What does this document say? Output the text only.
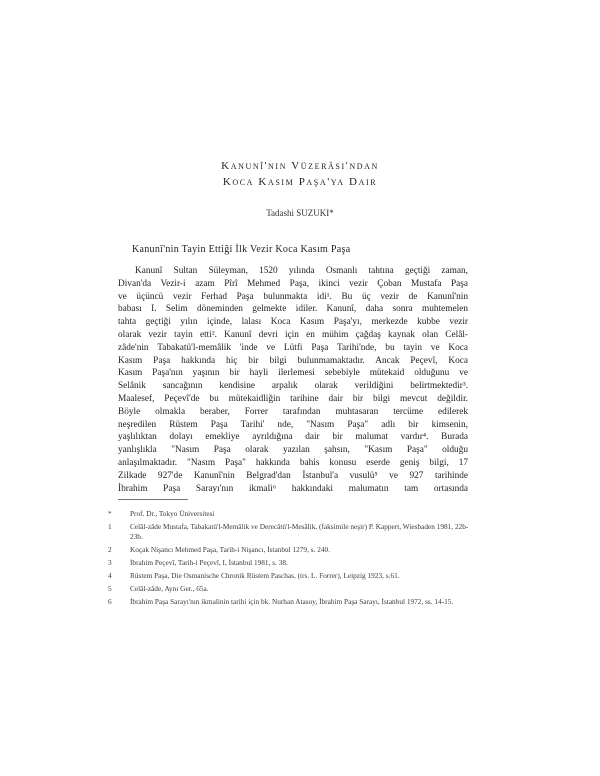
Kanunî'nin Vüzerâsı'ndan
Koca Kasım Paşa'ya Dair
Tadashi SUZUKI*
Kanunî'nin Tayin Ettiği İlk Vezir Koca Kasım Paşa
Kanunî Sultan Süleyman, 1520 yılında Osmanlı tahtına geçtiği zaman,
Divan'da Vezir-i azam Pîrî Mehmed Paşa, ikinci vezir Çoban Mustafa Paşa
ve üçüncü vezir Ferhad Paşa bulunmakta idi¹. Bu üç vezir de Kanunî'nin
babası I. Selim döneminden gelmekte idiler. Kanunî, daha sonra muhtemelen
tahta geçtiği yılın içinde, lalası Koca Kasım Paşa'yı, merkezde kubbe vezir
olarak vezir tayin etti². Kanunî devri için en mühim çağdaş kaynak olan Celâl-
zâde'nin Tabakatü'l-memâlik 'inde ve Lütfi Paşa Tarihi'nde, bu tayin ve Koca
Kasım Paşa hakkında hiç bir bilgi bulunmamaktadır. Ancak Peçevî, Koca
Kasım Paşa'nın yaşının bir hayli ilerlemesi sebebiyle mütekaid olduğunu ve
Selânik sancağının kendisine arpalık olarak verildiğini belirtmektedir³.
Maalesef, Peçevî'de bu mütekaidliğin tarihine dair bir bilgi mevcut değildir.
Böyle olmakla beraber, Forrer tarafından muhtasaran tercüme edilerek
neşredilen Rüstem Paşa Tarihi' nde, "Nasım Paşa" adlı bir kimsenin,
yaşlılıktan dolayı emekliye ayrıldığına dair bir malumat vardır⁴. Burada
yanlışlıkla "Nasım Paşa olarak yazılan şahsın, "Kasım Paşa" olduğu
anlaşılmaktadır. "Nasım Paşa" hakkında bahis konusu eserde geniş bilgi, 17
Zilkade 927'de Kanunî'nin Belgrad'dan İstanbul'a vusulü⁵ ve 927 tarihinde
İbrahim Paşa Sarayı'nın ikmali⁶ hakkındaki malumatın tam ortasında
*	Prof. Dr., Tokyo Üniversitesi
1	Celâl-zâde Mustafa, Tabakatü'l-Memâlik ve Derecâtü'l-Mesâlik, (faksimile neşir) P. Kappert, Wiesbaden 1981, 22b-23b.
2	Koçak Nişancı Mehmed Paşa, Tarih-i Nişancı, İstanbul 1279, s. 240.
3	İbrahim Peçevî, Tarih-i Peçevî, I, İstanbul 1981, s. 38.
4	Rüstem Paşa, Die Osmanische Chronik Rüstem Paschas, (trs. L. Forrer), Leipzig 1923, s.61.
5	Celâl-zâde, Aynı Ger., 65a.
6	İbrahim Paşa Sarayı'nın ikmalinin tarihi için bk. Nurhan Atasoy, İbrahim Paşa Sarayı, İstanbul 1972, ss. 14-15.
